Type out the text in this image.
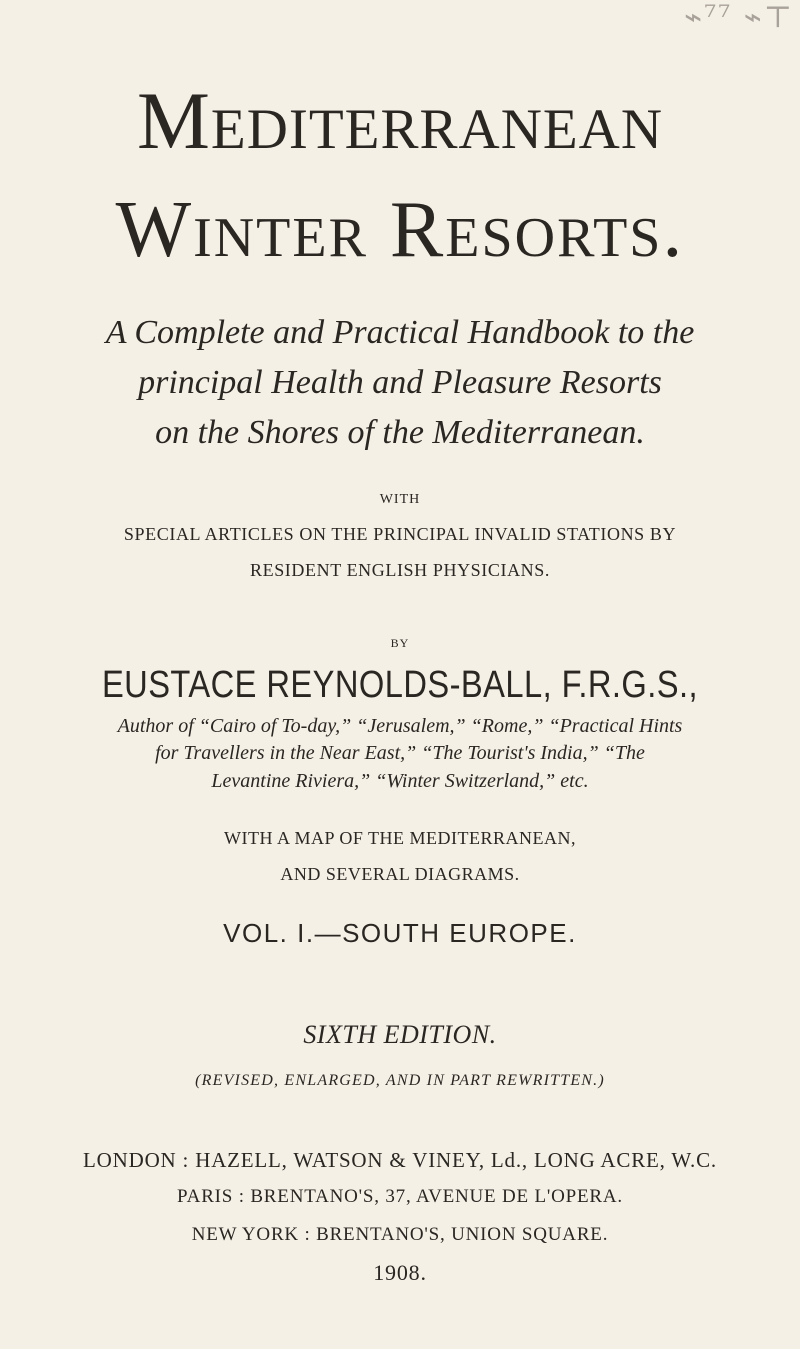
⌁⁷⁷ ⌁⊤
Mediterranean
Winter Resorts.
A Complete and Practical Handbook to the
principal Health and Pleasure Resorts
on the Shores of the Mediterranean.
WITH
SPECIAL ARTICLES ON THE PRINCIPAL INVALID STATIONS BY
RESIDENT ENGLISH PHYSICIANS.
BY
EUSTACE REYNOLDS-BALL, F.R.G.S.,
Author of “Cairo of To-day,” “Jerusalem,” “Rome,” “Practical Hints
for Travellers in the Near East,” “The Tourist's India,” “The
Levantine Riviera,” “Winter Switzerland,” etc.
WITH A MAP OF THE MEDITERRANEAN,
AND SEVERAL DIAGRAMS.
VOL. I.—SOUTH EUROPE.
SIXTH EDITION.
(REVISED, ENLARGED, AND IN PART REWRITTEN.)
LONDON : HAZELL, WATSON & VINEY, Ld., LONG ACRE, W.C.
PARIS : BRENTANO'S, 37, AVENUE DE L'OPERA.
NEW YORK : BRENTANO'S, UNION SQUARE.
1908.
